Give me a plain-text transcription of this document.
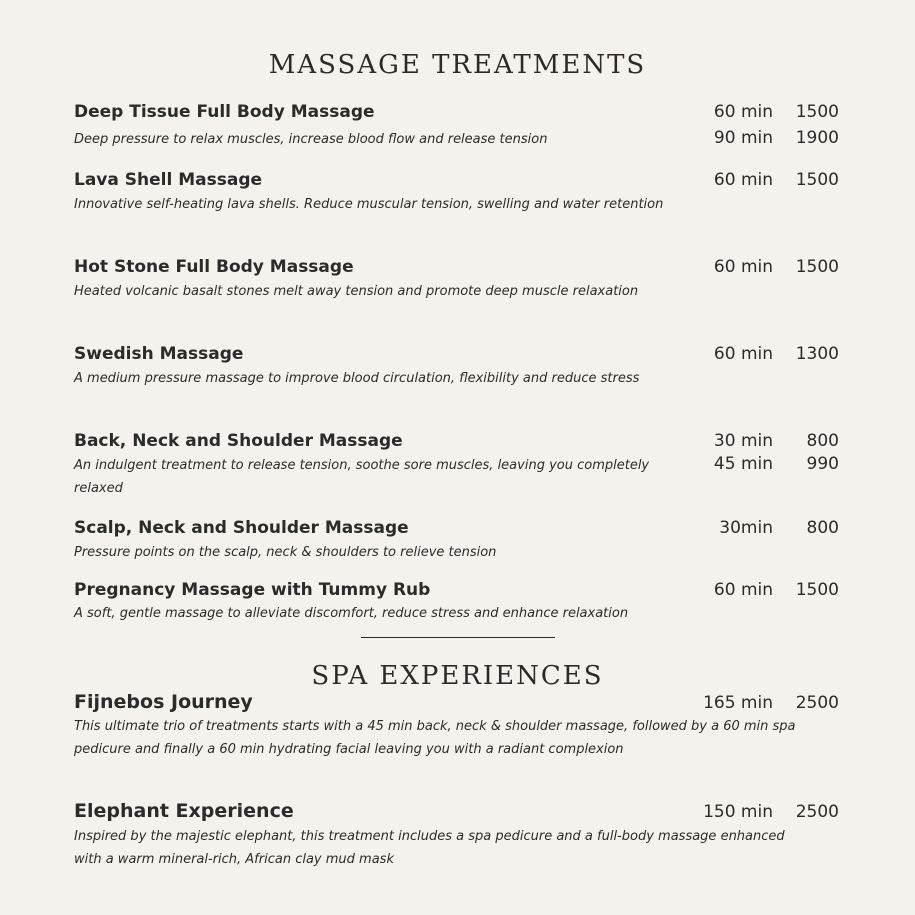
MASSAGE TREATMENTS
Deep Tissue Full Body Massage
Deep pressure to relax muscles, increase blood flow and release tension
60 min 1500
90 min 1900
Lava Shell Massage
Innovative self-heating lava shells. Reduce muscular tension, swelling and water retention
60 min 1500
Hot Stone Full Body Massage
Heated volcanic basalt stones melt away tension and promote deep muscle relaxation
60 min 1500
Swedish Massage
A medium pressure massage to improve blood circulation, flexibility and reduce stress
60 min 1300
Back, Neck and Shoulder Massage
An indulgent treatment to release tension, soothe sore muscles, leaving you completely relaxed
30 min 800
45 min 990
Scalp, Neck and Shoulder Massage
Pressure points on the scalp, neck & shoulders to relieve tension
30min 800
Pregnancy Massage with Tummy Rub
A soft, gentle massage to alleviate discomfort, reduce stress and enhance relaxation
60 min 1500
SPA EXPERIENCES
Fijnebos Journey
This ultimate trio of treatments starts with a 45 min back, neck & shoulder massage, followed by a 60 min spa pedicure and finally a 60 min hydrating facial leaving you with a radiant complexion
165 min 2500
Elephant Experience
Inspired by the majestic elephant, this treatment includes a spa pedicure and a full-body massage enhanced with a warm mineral-rich, African clay mud mask
150 min 2500
